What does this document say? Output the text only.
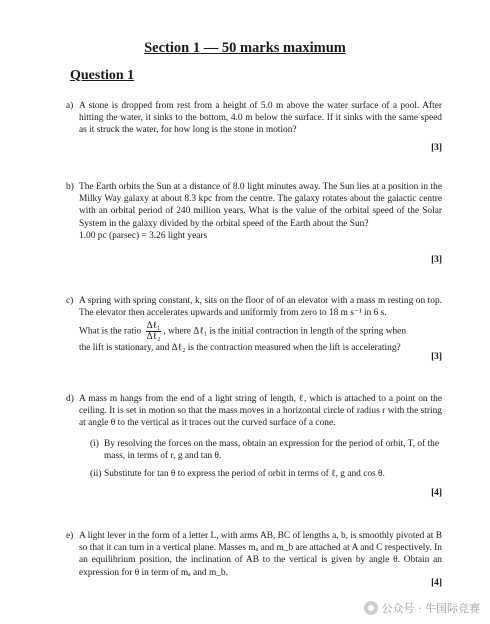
Section 1 — 50 marks maximum
Question 1
a) A stone is dropped from rest from a height of 5.0 m above the water surface of a pool. After hitting the water, it sinks to the bottom, 4.0 m below the surface. If it sinks with the same speed as it struck the water, for how long is the stone in motion?
[3]
b) The Earth orbits the Sun at a distance of 8.0 light minutes away. The Sun lies at a position in the Milky Way galaxy at about 8.3 kpc from the centre. The galaxy rotates about the galactic centre with an orbital period of 240 million years. What is the value of the orbital speed of the Solar System in the galaxy divided by the orbital speed of the Earth about the Sun?
1.00 pc (parsec) = 3.26 light years
[3]
c) A spring with spring constant, k, sits on the floor of of an elevator with a mass m resting on top. The elevator then accelerates upwards and uniformly from zero to 18 m s⁻¹ in 6 s.
What is the ratio $\frac{\text{Δℓ₁}}{\text{Δℓ₂}}$ , where Δℓ₁ is the initial contraction in length of the spring when
the lift is stationary, and Δℓ₂ is the contraction measured when the lift is accelerating?
[3]
d) A mass m hangs from the end of a light string of length, ℓ, which is attached to a point on the ceiling. It is set in motion so that the mass moves in a horizontal circle of radius r with the string at angle θ to the vertical as it traces out the curved surface of a cone.
(i) By resolving the forces on the mass, obtain an expression for the period of orbit, T, of the mass, in terms of r, g and tan θ.
(ii) Substitute for tan θ to express the period of orbit in terms of ℓ, g and cos θ.
[4]
e) A light lever in the form of a letter L, with arms AB, BC of lengths a, b, is smoothly pivoted at B so that it can turn in a vertical plane. Masses mₐ and m_b are attached at A and C respectively. In an equilibrium position, the inclination of AB to the vertical is given by angle θ. Obtain an expression for θ in term of mₐ and m_b.
[4]
公众号 · 牛国际竞赛
